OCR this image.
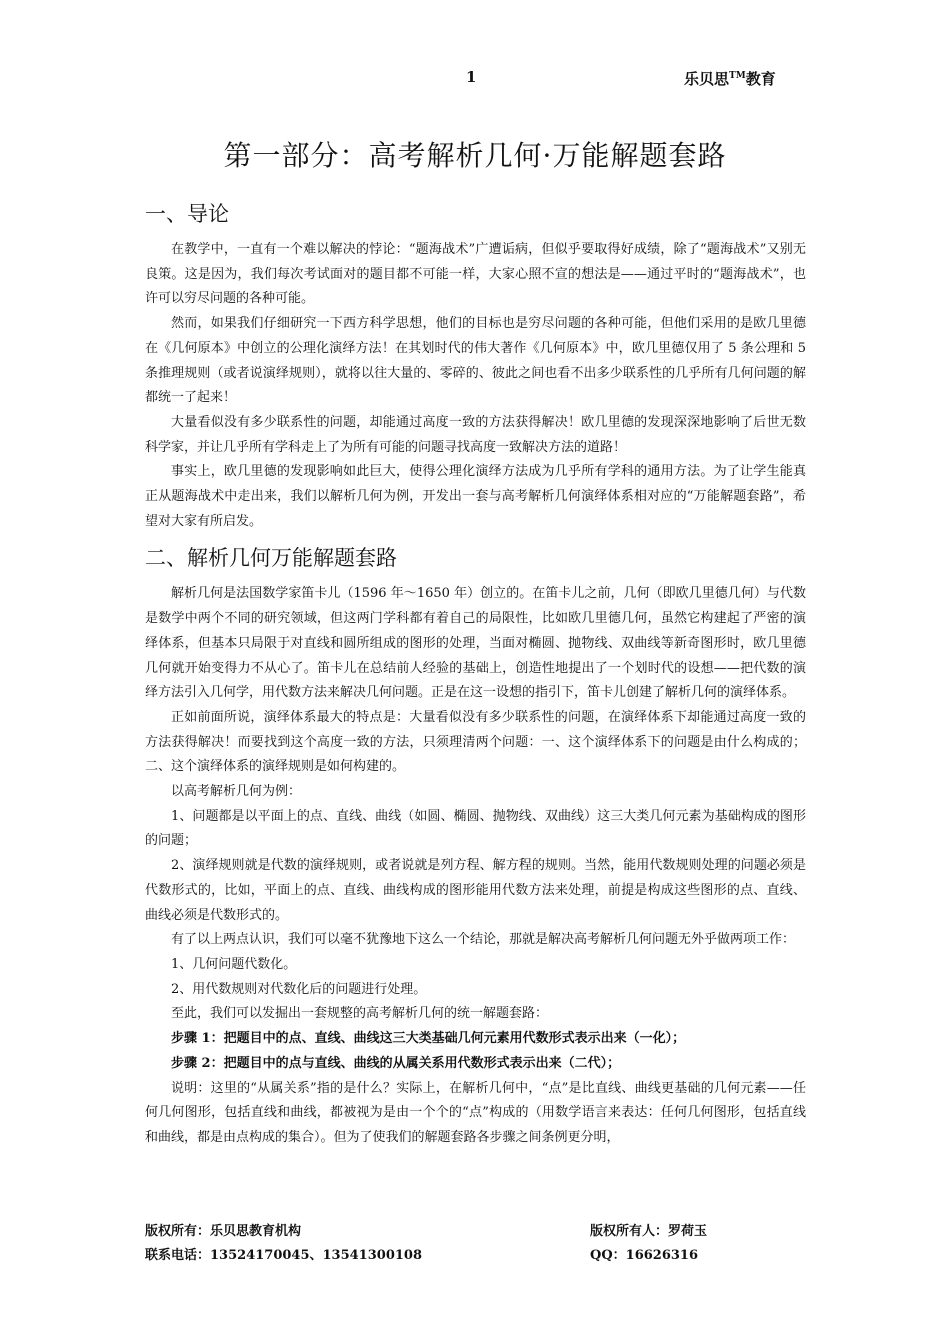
1	乐贝思™教育
第一部分：高考解析几何·万能解题套路
一、导论

在教学中，一直有一个难以解决的悖论：“题海战术”广遭诟病，但似乎要取得好成绩，除了“题海战术”又别无良策。这是因为，我们每次考试面对的题目都不可能一样，大家心照不宣的想法是——通过平时的“题海战术”，也许可以穷尽问题的各种可能。

然而，如果我们仔细研究一下西方科学思想，他们的目标也是穷尽问题的各种可能，但他们采用的是欧几里德在《几何原本》中创立的公理化演绎方法！在其划时代的伟大著作《几何原本》中，欧几里德仅用了 5 条公理和 5 条推理规则（或者说演绎规则），就将以往大量的、零碎的、彼此之间也看不出多少联系性的几乎所有几何问题的解都统一了起来！

大量看似没有多少联系性的问题，却能通过高度一致的方法获得解决！欧几里德的发现深深地影响了后世无数科学家，并让几乎所有学科走上了为所有可能的问题寻找高度一致解决方法的道路！

事实上，欧几里德的发现影响如此巨大，使得公理化演绎方法成为几乎所有学科的通用方法。为了让学生能真正从题海战术中走出来，我们以解析几何为例，开发出一套与高考解析几何演绎体系相对应的“万能解题套路”，希望对大家有所启发。

二、解析几何万能解题套路

解析几何是法国数学家笛卡儿（1596 年～1650 年）创立的。在笛卡儿之前，几何（即欧几里德几何）与代数是数学中两个不同的研究领域，但这两门学科都有着自己的局限性，比如欧几里德几何，虽然它构建起了严密的演绎体系，但基本只局限于对直线和圆所组成的图形的处理，当面对椭圆、抛物线、双曲线等新奇图形时，欧几里德几何就开始变得力不从心了。笛卡儿在总结前人经验的基础上，创造性地提出了一个划时代的设想——把代数的演绎方法引入几何学，用代数方法来解决几何问题。正是在这一设想的指引下，笛卡儿创建了解析几何的演绎体系。

正如前面所说，演绎体系最大的特点是：大量看似没有多少联系性的问题，在演绎体系下却能通过高度一致的方法获得解决！而要找到这个高度一致的方法，只须理清两个问题：一、这个演绎体系下的问题是由什么构成的；二、这个演绎体系的演绎规则是如何构建的。

以高考解析几何为例：

1、问题都是以平面上的点、直线、曲线（如圆、椭圆、抛物线、双曲线）这三大类几何元素为基础构成的图形的问题；

2、演绎规则就是代数的演绎规则，或者说就是列方程、解方程的规则。当然，能用代数规则处理的问题必须是代数形式的，比如，平面上的点、直线、曲线构成的图形能用代数方法来处理，前提是构成这些图形的点、直线、曲线必须是代数形式的。

有了以上两点认识，我们可以毫不犹豫地下这么一个结论，那就是解决高考解析几何问题无外乎做两项工作：

1、几何问题代数化。

2、用代数规则对代数化后的问题进行处理。

至此，我们可以发掘出一套规整的高考解析几何的统一解题套路：

步骤 1：把题目中的点、直线、曲线这三大类基础几何元素用代数形式表示出来（一化）；

步骤 2：把题目中的点与直线、曲线的从属关系用代数形式表示出来（二代）；

说明：这里的“从属关系”指的是什么？实际上，在解析几何中，“点”是比直线、曲线更基础的几何元素——任何几何图形，包括直线和曲线，都被视为是由一个个的“点”构成的（用数学语言来表达：任何几何图形，包括直线和曲线，都是由点构成的集合）。但为了使我们的解题套路各步骤之间条例更分明，

版权所有：乐贝思教育机构	版权所有人：罗荷玉
联系电话：13524170045、13541300108	QQ：16626316
